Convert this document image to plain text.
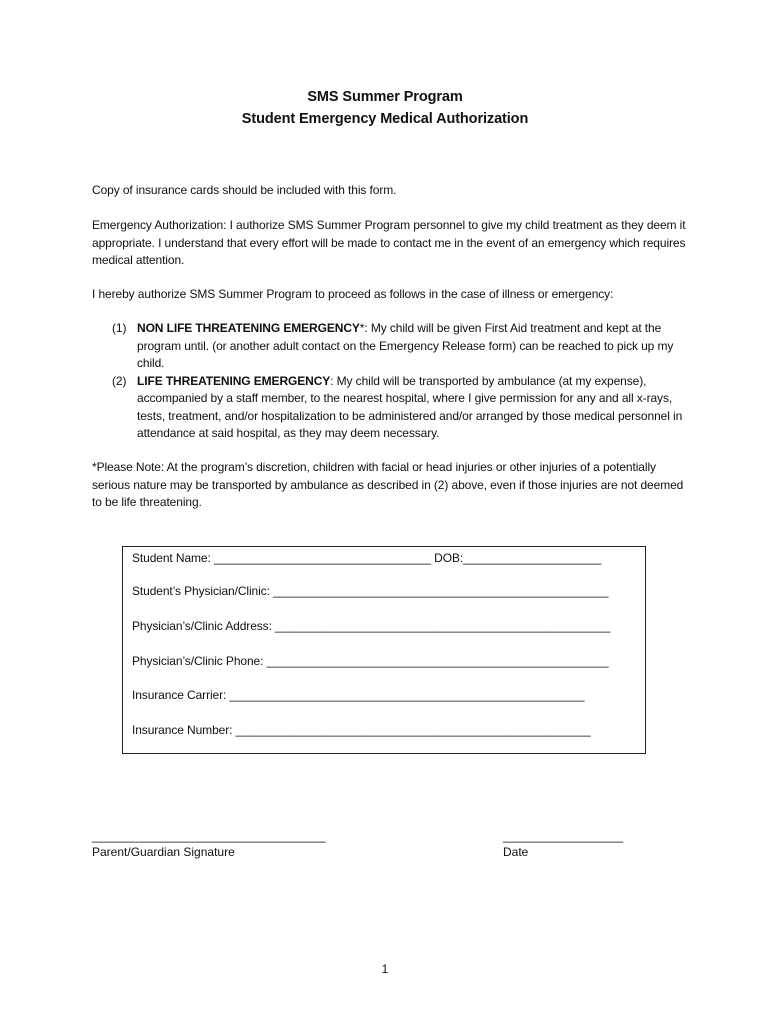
SMS Summer Program
Student Emergency Medical Authorization
Copy of insurance cards should be included with this form.
Emergency Authorization: I authorize SMS Summer Program personnel to give my child treatment as they deem it appropriate. I understand that every effort will be made to contact me in the event of an emergency which requires medical attention.
I hereby authorize SMS Summer Program to proceed as follows in the case of illness or emergency:
(1) NON LIFE THREATENING EMERGENCY*: My child will be given First Aid treatment and kept at the program until. (or another adult contact on the Emergency Release form) can be reached to pick up my child.
(2) LIFE THREATENING EMERGENCY: My child will be transported by ambulance (at my expense), accompanied by a staff member, to the nearest hospital, where I give permission for any and all x-rays, tests, treatment, and/or hospitalization to be administered and/or arranged by those medical personnel in attendance at said hospital, as they may deem necessary.
*Please Note: At the program’s discretion, children with facial or head injuries or other injuries of a potentially serious nature may be transported by ambulance as described in (2) above, even if those injuries are not deemed to be life threatening.
Student Name: _________________________________ DOB:_____________________
Student’s Physician/Clinic: ___________________________________________________
Physician’s/Clinic Address: ___________________________________________________
Physician’s/Clinic Phone: ____________________________________________________
Insurance Carrier: ______________________________________________________
Insurance Number: ______________________________________________________
___________________________________
Parent/Guardian Signature
__________________
Date
1
